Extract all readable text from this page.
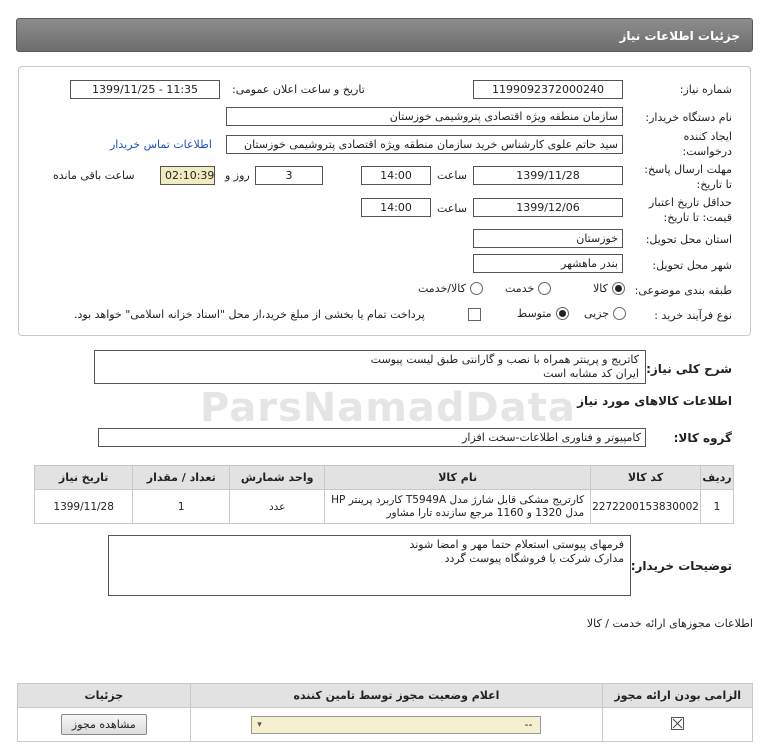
جزئیات اطلاعات نیاز
شماره نیاز:
1199092372000240
تاریخ و ساعت اعلان عمومی:
1399/11/25 - 11:35
نام دستگاه خریدار:
سازمان منطقه ویژه اقتصادی پتروشیمی خوزستان
ایجاد کننده
درخواست:
سید حاتم علوی کارشناس خرید سازمان منطقه ویژه اقتصادی پتروشیمی خوزستان
اطلاعات تماس خریدار
مهلت ارسال پاسخ:
تا تاریخ:
1399/11/28
ساعت
14:00
3
روز و
02:10:39
ساعت باقی مانده
حداقل تاریخ اعتبار
قیمت: تا تاریخ:
1399/12/06
ساعت
14:00
استان محل تحویل:
خوزستان
شهر محل تحویل:
بندر ماهشهر
طبقه بندی موضوعی:
کالا
خدمت
کالا/خدمت
نوع فرآیند خرید :
جزیی
متوسط
پرداخت تمام یا بخشی از مبلغ خرید،از محل "اسناد خزانه اسلامی" خواهد بود.
شرح کلی نیاز:
کاتریج و پرینتر همراه با نصب و گارانتی طبق لیست پیوست
ایران کد مشابه است
اطلاعات کالاهای مورد نیاز
گروه کالا:
کامپیوتر و فناوری اطلاعات-سخت افزار
ParsNamadData
تاریخ نیاز	تعداد / مقدار	واحد شمارش	نام کالا	کد کالا	ردیف
1399/11/28	1	عدد	کارتریج مشکی قابل شارژ مدل T5949A کاربرد پرینتر HP
مدل 1320 و 1160 مرجع سازنده تارا مشاور	2272200153830002	1
توضیحات خریدار:
فرمهای پیوستی استعلام حتما مهر و امضا شوند
مدارک شرکت یا فروشگاه پیوست گردد
اطلاعات مجوزهای ارائه خدمت / کالا
جزئیات	اعلام وضعیت مجوز توسط تامین کننده	الزامی بودن ارائه مجوز
مشاهده مجوز	--
▾
